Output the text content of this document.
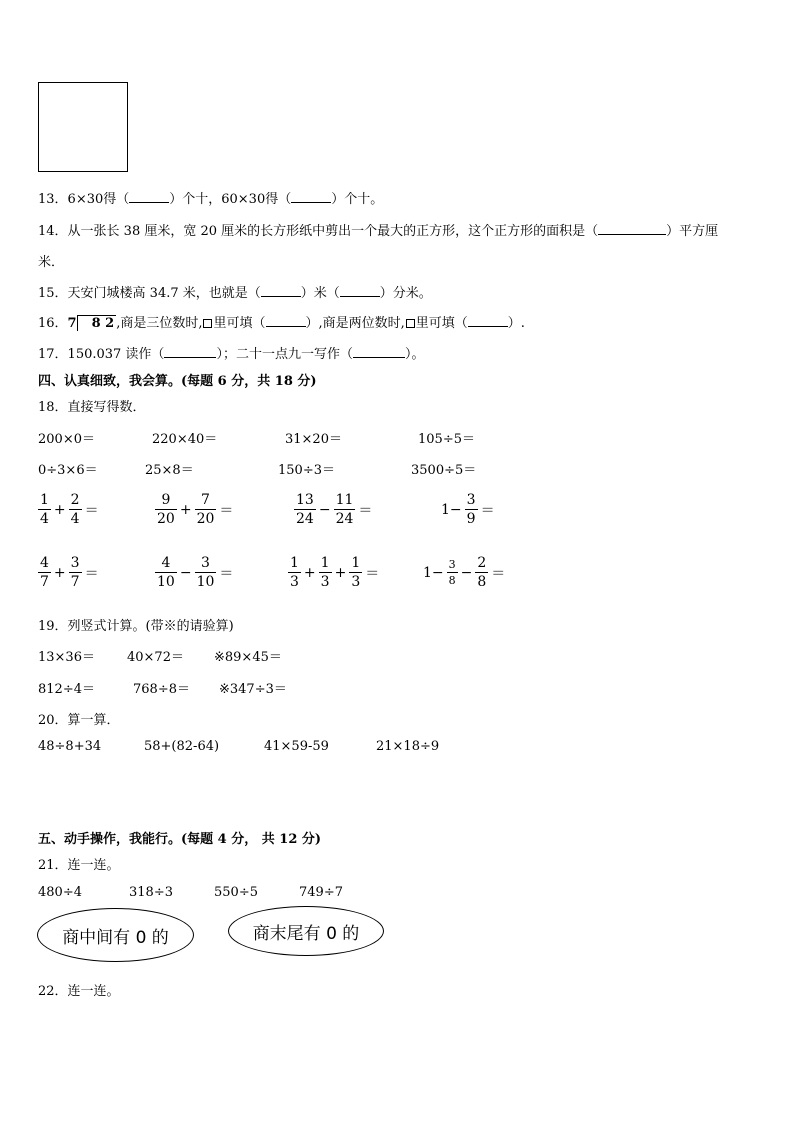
13．6×30得（	）个十，60×30得（	）个十。
14．从一张长 38 厘米，宽 20 厘米的长方形纸中剪出一个最大的正方形，这个正方形的面积是（	）平方厘
米．
15．天安门城楼高 34.7 米，也就是（	）米（	）分米。
16．7 8 2 ,商是三位数时, 里可填（	）,商是两位数时, 里可填（	）.
17．150.037 读作（	）；二十一点九一写作（	）。
四、认真细致，我会算。(每题 6 分，共 18 分)
18．直接写得数．
200×0＝	220×40＝	31×20＝	105÷5＝
0÷3×6＝	25×8＝	150÷3＝	3500÷5＝
$\frac{1}{4} + \frac{2}{4}$ ＝	$\frac{9}{20} + \frac{7}{20}$ ＝	$\frac{13}{24} - \frac{11}{24}$ ＝	$1- \frac{3}{9}$ ＝
$\frac{4}{7} + \frac{3}{7}$ ＝	$\frac{4}{10} - \frac{3}{10}$ ＝	$\frac{1}{3} + \frac{1}{3} + \frac{1}{3}$ ＝	$1- \frac{3}{8} - \frac{2}{8}$ ＝
19．列竖式计算。(带※的请验算)
13×36＝ 40×72＝ ※89×45＝
812÷4＝	768÷8＝ ※347÷3＝
20．算一算．
48÷8+34	58+(82-64)	41×59-59	21×18÷9
五、动手操作，我能行。(每题 4 分， 共 12 分)
21．连一连。
480÷4	318÷3	550÷5	749÷7
商中间有 0 的	商末尾有 0 的
22．连一连。
